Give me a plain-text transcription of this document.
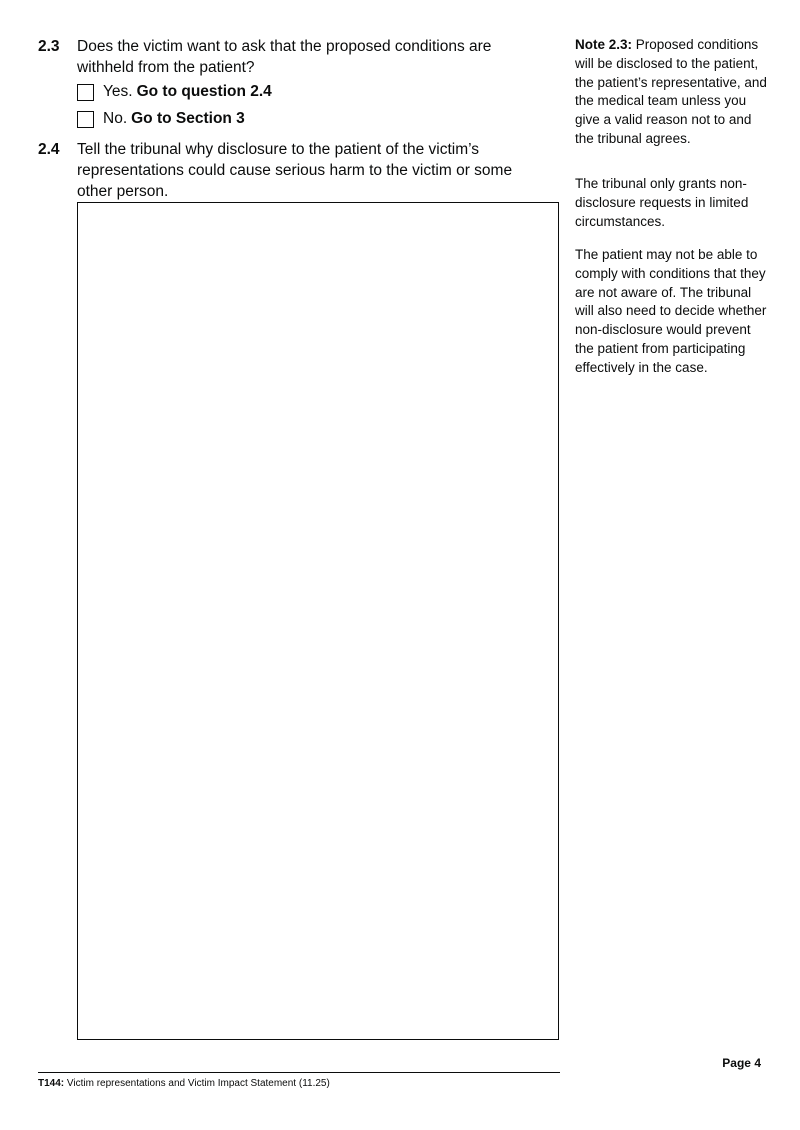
2.3 Does the victim want to ask that the proposed conditions are withheld from the patient?
Yes. Go to question 2.4
No. Go to Section 3
2.4 Tell the tribunal why disclosure to the patient of the victim’s representations could cause serious harm to the victim or some other person.
Note 2.3: Proposed conditions will be disclosed to the patient, the patient’s representative, and the medical team unless you give a valid reason not to and the tribunal agrees.
The tribunal only grants non-disclosure requests in limited circumstances.
The patient may not be able to comply with conditions that they are not aware of. The tribunal will also need to decide whether non-disclosure would prevent the patient from participating effectively in the case.
Page 4
T144: Victim representations and Victim Impact Statement (11.25)
